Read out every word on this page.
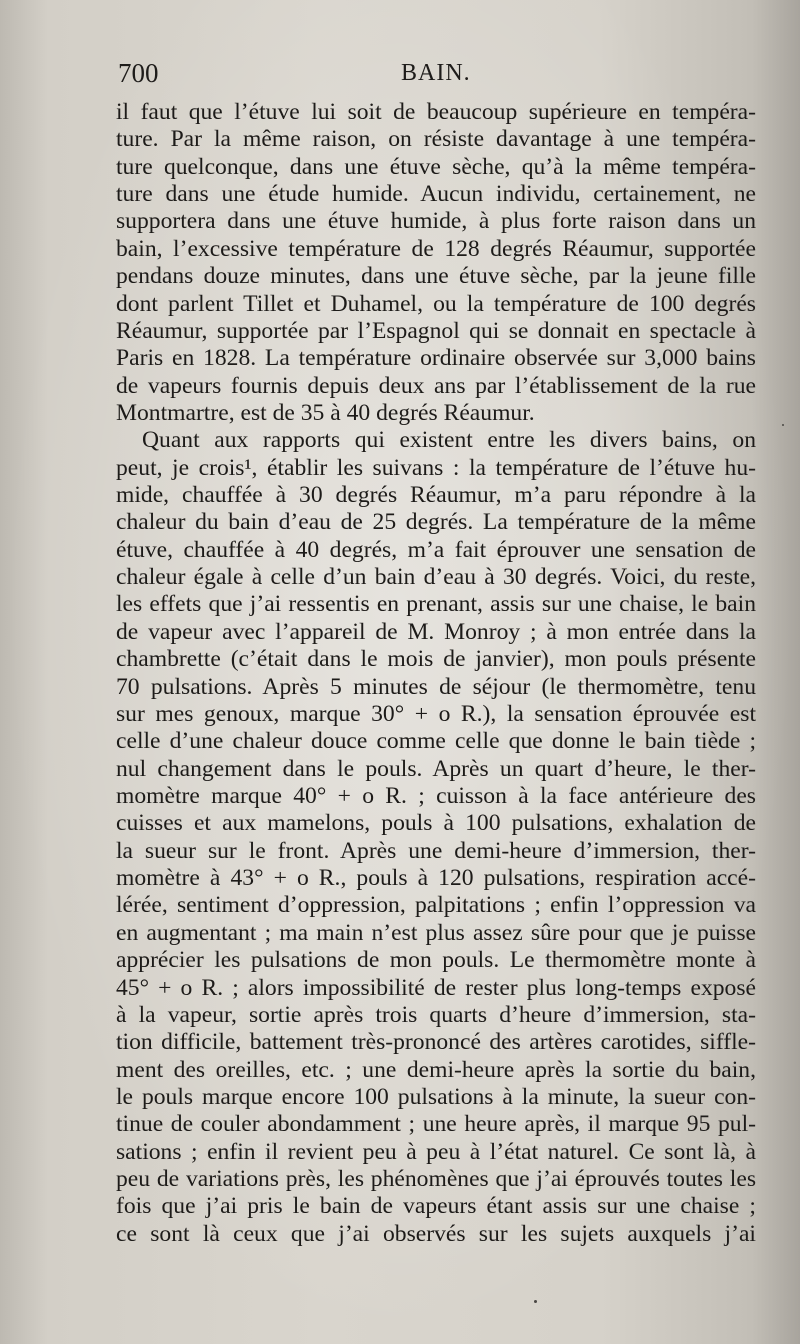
700	BAIN.
il faut que l’étuve lui soit de beaucoup supérieure en tempéra-
ture. Par la même raison, on résiste davantage à une tempéra-
ture quelconque, dans une étuve sèche, qu’à la même tempéra-
ture dans une étude humide. Aucun individu, certainement, ne
supportera dans une étuve humide, à plus forte raison dans un
bain, l’excessive température de 128 degrés Réaumur, supportée
pendans douze minutes, dans une étuve sèche, par la jeune fille
dont parlent Tillet et Duhamel, ou la température de 100 degrés
Réaumur, supportée par l’Espagnol qui se donnait en spectacle à
Paris en 1828. La température ordinaire observée sur 3,000 bains
de vapeurs fournis depuis deux ans par l’établissement de la rue
Montmartre, est de 35 à 40 degrés Réaumur.
Quant aux rapports qui existent entre les divers bains, on
peut, je crois¹, établir les suivans : la température de l’étuve hu-
mide, chauffée à 30 degrés Réaumur, m’a paru répondre à la
chaleur du bain d’eau de 25 degrés. La température de la même
étuve, chauffée à 40 degrés, m’a fait éprouver une sensation de
chaleur égale à celle d’un bain d’eau à 30 degrés. Voici, du reste,
les effets que j’ai ressentis en prenant, assis sur une chaise, le bain
de vapeur avec l’appareil de M. Monroy ; à mon entrée dans la
chambrette (c’était dans le mois de janvier), mon pouls présente
70 pulsations. Après 5 minutes de séjour (le thermomètre, tenu
sur mes genoux, marque 30° + o R.), la sensation éprouvée est
celle d’une chaleur douce comme celle que donne le bain tiède ;
nul changement dans le pouls. Après un quart d’heure, le ther-
momètre marque 40° + o R. ; cuisson à la face antérieure des
cuisses et aux mamelons, pouls à 100 pulsations, exhalation de
la sueur sur le front. Après une demi-heure d’immersion, ther-
momètre à 43° + o R., pouls à 120 pulsations, respiration accé-
lérée, sentiment d’oppression, palpitations ; enfin l’oppression va
en augmentant ; ma main n’est plus assez sûre pour que je puisse
apprécier les pulsations de mon pouls. Le thermomètre monte à
45° + o R. ; alors impossibilité de rester plus long-temps exposé
à la vapeur, sortie après trois quarts d’heure d’immersion, sta-
tion difficile, battement très-prononcé des artères carotides, siffle-
ment des oreilles, etc. ; une demi-heure après la sortie du bain,
le pouls marque encore 100 pulsations à la minute, la sueur con-
tinue de couler abondamment ; une heure après, il marque 95 pul-
sations ; enfin il revient peu à peu à l’état naturel. Ce sont là, à
peu de variations près, les phénomènes que j’ai éprouvés toutes les
fois que j’ai pris le bain de vapeurs étant assis sur une chaise ;
ce sont là ceux que j’ai observés sur les sujets auxquels j’ai
